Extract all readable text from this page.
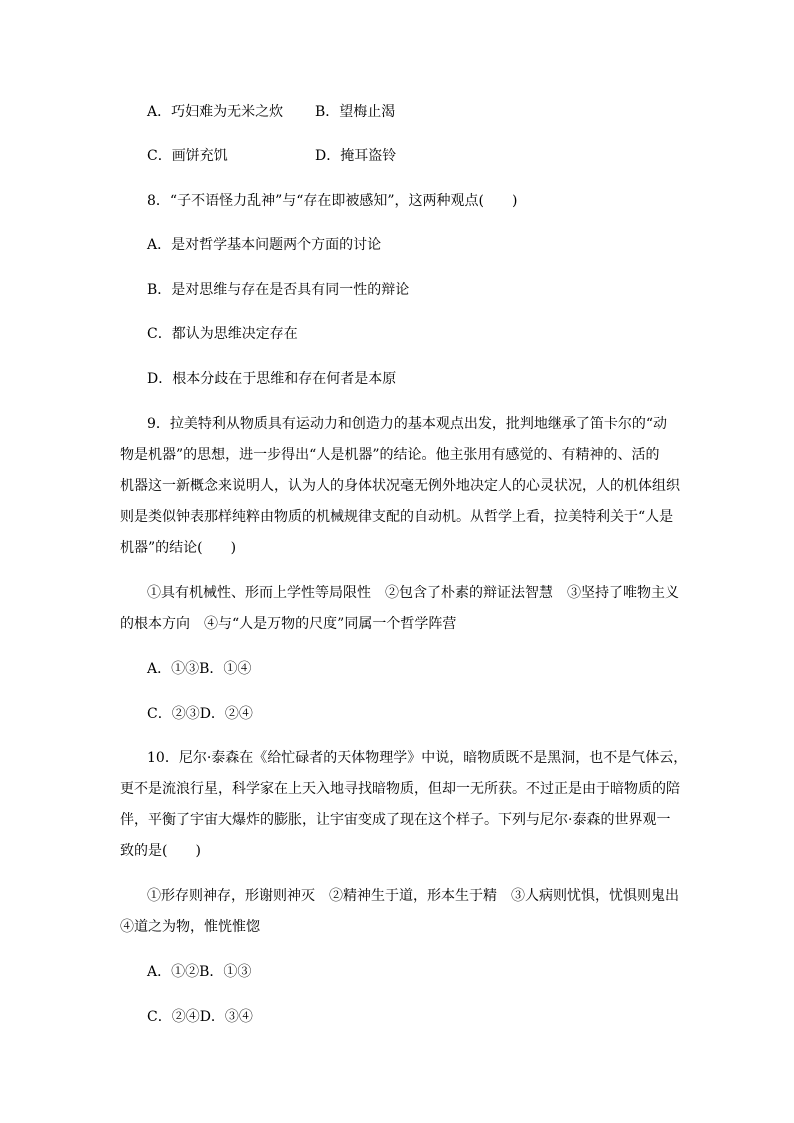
A．巧妇难为无米之炊 B．望梅止渴
C．画饼充饥	D．掩耳盗铃
8．“子不语怪力乱神”与“存在即被感知”，这两种观点(　　)
A．是对哲学基本问题两个方面的讨论
B．是对思维与存在是否具有同一性的辩论
C．都认为思维决定存在
D．根本分歧在于思维和存在何者是本原
9．拉美特利从物质具有运动力和创造力的基本观点出发，批判地继承了笛卡尔的“动
物是机器”的思想，进一步得出“人是机器”的结论。他主张用有感觉的、有精神的、活的
机器这一新概念来说明人，认为人的身体状况毫无例外地决定人的心灵状况，人的机体组织
则是类似钟表那样纯粹由物质的机械规律支配的自动机。从哲学上看，拉美特利关于“人是
机器”的结论(　　)
①具有机械性、形而上学性等局限性　②包含了朴素的辩证法智慧　③坚持了唯物主义
的根本方向　④与“人是万物的尺度”同属一个哲学阵营
A．①③B．①④
C．②③D．②④
10．尼尔·泰森在《给忙碌者的天体物理学》中说，暗物质既不是黑洞，也不是气体云，
更不是流浪行星，科学家在上天入地寻找暗物质，但却一无所获。不过正是由于暗物质的陪
伴，平衡了宇宙大爆炸的膨胀，让宇宙变成了现在这个样子。下列与尼尔·泰森的世界观一
致的是(　　)
①形存则神存，形谢则神灭　②精神生于道，形本生于精　③人病则忧惧，忧惧则鬼出
④道之为物，惟恍惟惚
A．①②B．①③
C．②④D．③④
